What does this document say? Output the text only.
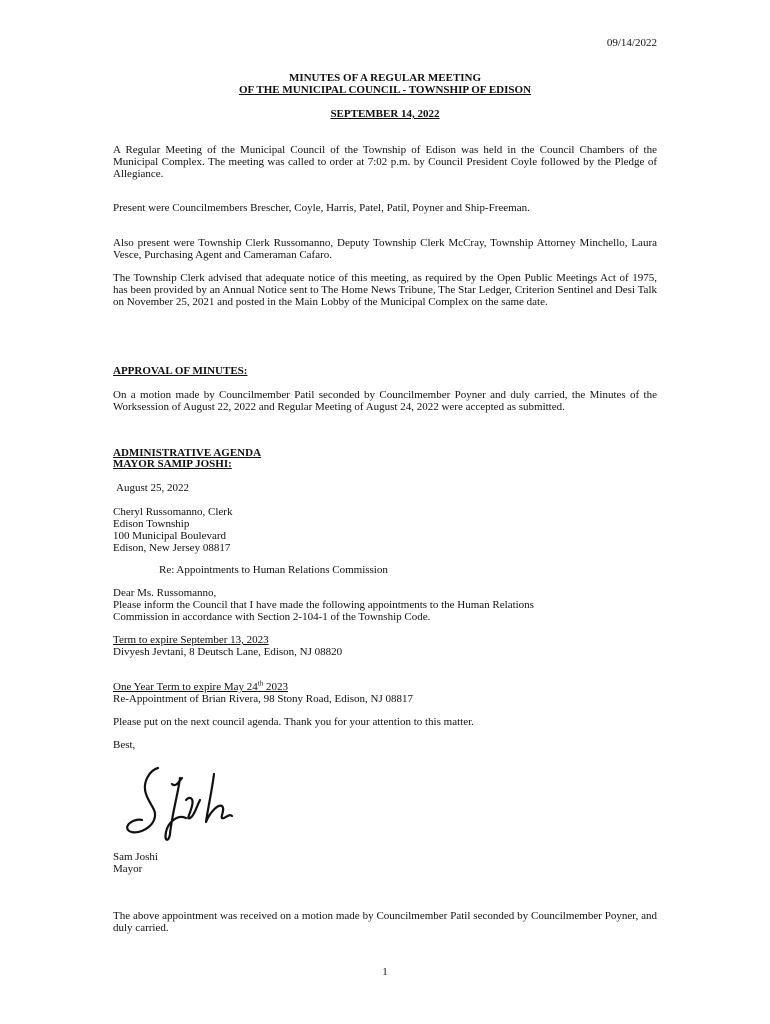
09/14/2022
MINUTES OF A REGULAR MEETING
OF THE MUNICIPAL COUNCIL - TOWNSHIP OF EDISON
SEPTEMBER 14, 2022
A Regular Meeting of the Municipal Council of the Township of Edison was held in the Council Chambers of the Municipal Complex. The meeting was called to order at 7:02 p.m. by Council President Coyle followed by the Pledge of Allegiance.
Present were Councilmembers Brescher, Coyle, Harris, Patel, Patil, Poyner and Ship-Freeman.
Also present were Township Clerk Russomanno, Deputy Township Clerk McCray, Township Attorney Minchello, Laura Vesce, Purchasing Agent and Cameraman Cafaro.
The Township Clerk advised that adequate notice of this meeting, as required by the Open Public Meetings Act of 1975, has been provided by an Annual Notice sent to The Home News Tribune, The Star Ledger, Criterion Sentinel and Desi Talk on November 25, 2021 and posted in the Main Lobby of the Municipal Complex on the same date.
APPROVAL OF MINUTES:
On a motion made by Councilmember Patil seconded by Councilmember Poyner and duly carried, the Minutes of the Worksession of August 22, 2022 and Regular Meeting of August 24, 2022 were accepted as submitted.
ADMINISTRATIVE AGENDA
MAYOR SAMIP JOSHI:
August 25, 2022
Cheryl Russomanno, Clerk
Edison Township
100 Municipal Boulevard
Edison, New Jersey 08817
Re: Appointments to Human Relations Commission
Dear Ms. Russomanno,
Please inform the Council that I have made the following appointments to the Human Relations
Commission in accordance with Section 2-104-1 of the Township Code.
Term to expire September 13, 2023
Divyesh Jevtani, 8 Deutsch Lane, Edison, NJ 08820
One Year Term to expire May 24th 2023
Re-Appointment of Brian Rivera, 98 Stony Road, Edison, NJ 08817
Please put on the next council agenda. Thank you for your attention to this matter.
Best,
Sam Joshi
Mayor
The above appointment was received on a motion made by Councilmember Patil seconded by Councilmember Poyner, and duly carried.
1
